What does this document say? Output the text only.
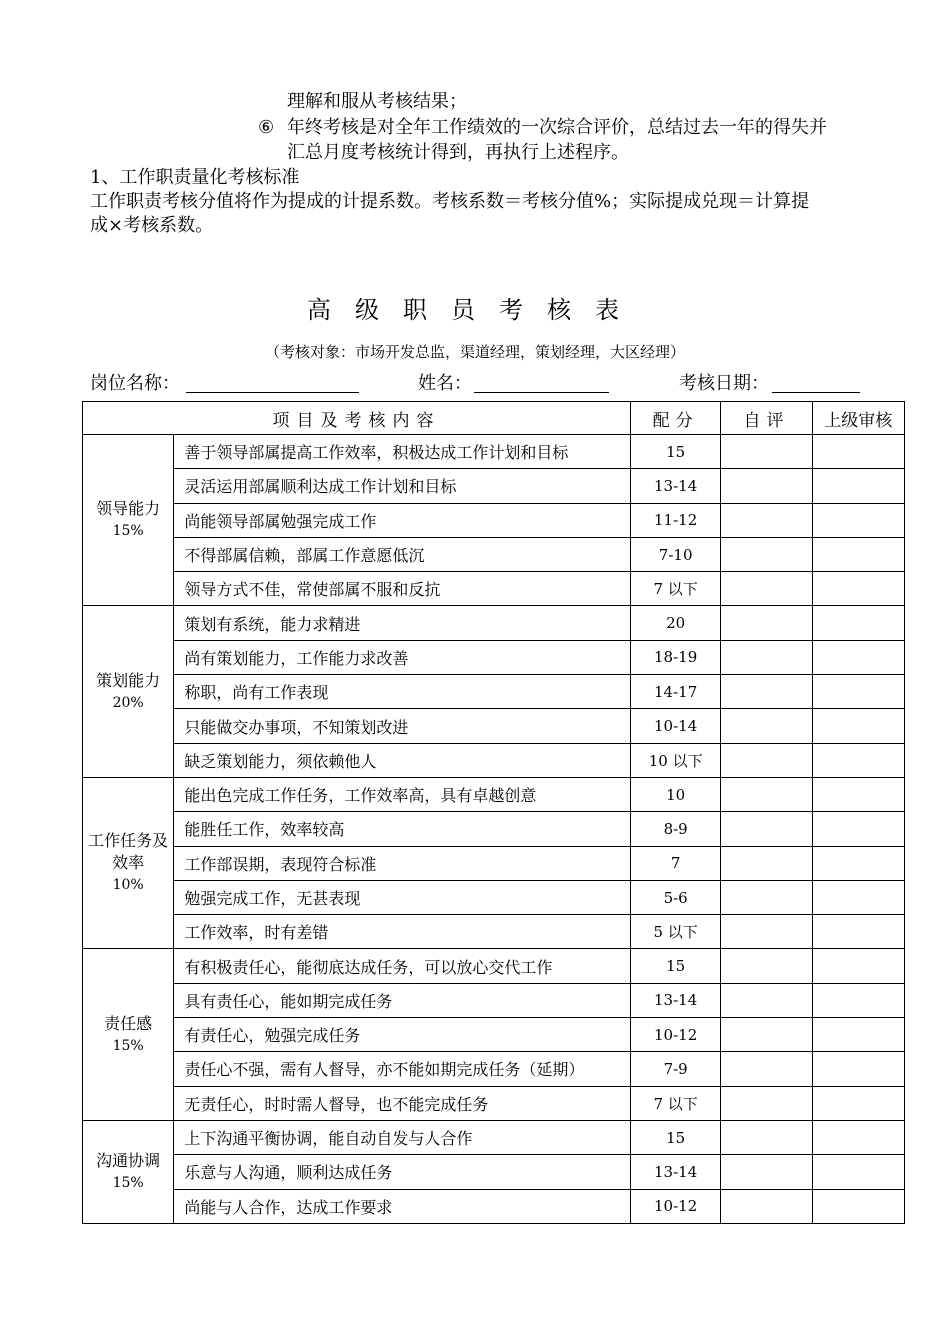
理解和服从考核结果；
⑥ 年终考核是对全年工作绩效的一次综合评价，总结过去一年的得失并
汇总月度考核统计得到，再执行上述程序。
1、工作职责量化考核标准
工作职责考核分值将作为提成的计提系数。考核系数＝考核分值%；实际提成兑现＝计算提
成×考核系数。
高级职员考核表
（考核对象：市场开发总监，渠道经理，策划经理，大区经理）
岗位名称：	姓名：	考核日期：
项目及考核内容		配分	自评	上级审核

领导能力
15%	善于领导部属提高工作效率，积极达成工作计划和目标	15		
	灵活运用部属顺利达成工作计划和目标	13-14		
	尚能领导部属勉强完成工作	11-12		
	不得部属信赖，部属工作意愿低沉	7-10		
	领导方式不佳，常使部属不服和反抗	7 以下		

策划能力
20%	策划有系统，能力求精进	20		
	尚有策划能力，工作能力求改善	18-19		
	称职，尚有工作表现	14-17		
	只能做交办事项，不知策划改进	10-14		
	缺乏策划能力，须依赖他人	10 以下		

工作任务及效率
10%	能出色完成工作任务，工作效率高，具有卓越创意	10		
	能胜任工作，效率较高	8-9		
	工作部误期，表现符合标准	7		
	勉强完成工作，无甚表现	5-6		
	工作效率，时有差错	5 以下		

责任感
15%	有积极责任心，能彻底达成任务，可以放心交代工作	15		
	具有责任心，能如期完成任务	13-14		
	有责任心，勉强完成任务	10-12		
	责任心不强，需有人督导，亦不能如期完成任务（延期）	7-9		
	无责任心，时时需人督导，也不能完成任务	7 以下		

沟通协调
15%	上下沟通平衡协调，能自动自发与人合作	15		
	乐意与人沟通，顺利达成任务	13-14		
	尚能与人合作，达成工作要求	10-12		
